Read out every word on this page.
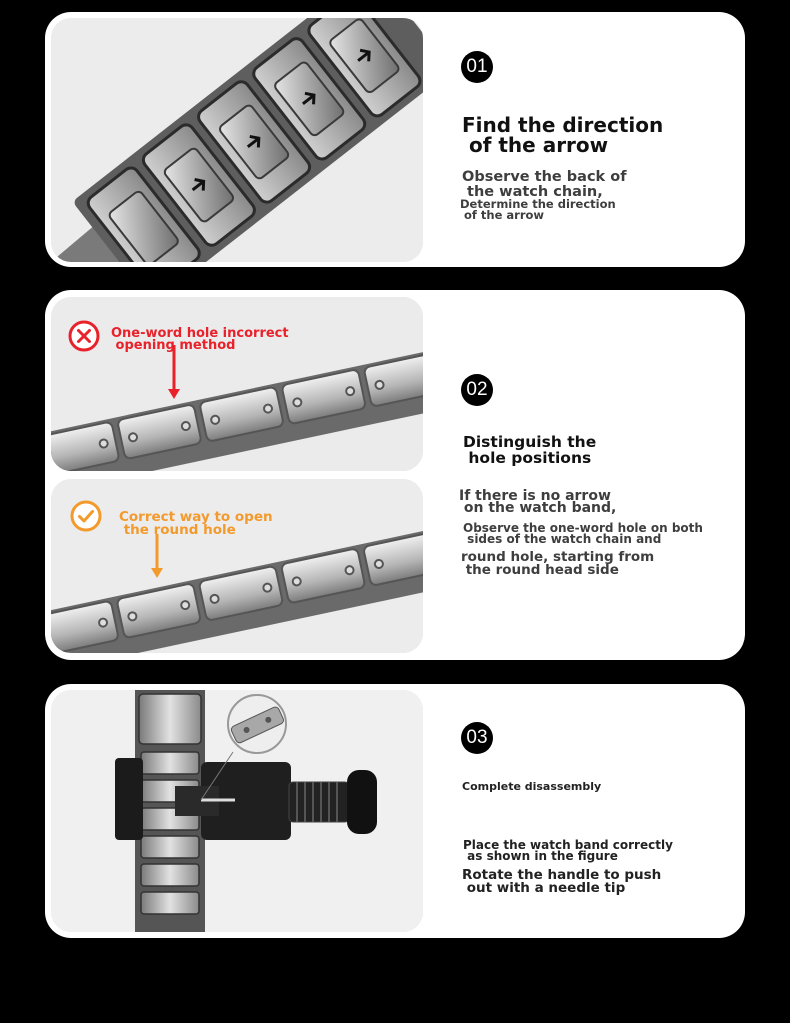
01
Find the direction
of the arrow
Observe the back of
the watch chain,
Determine the direction
of the arrow
One-word hole incorrect
opening method
Correct way to open
the round hole
02
Distinguish the
hole positions
If there is no arrow
on the watch band,
Observe the one-word hole on both
sides of the watch chain and
round hole, starting from
the round head side
03
Complete disassembly
Place the watch band correctly
as shown in the figure
Rotate the handle to push
out with a needle tip
